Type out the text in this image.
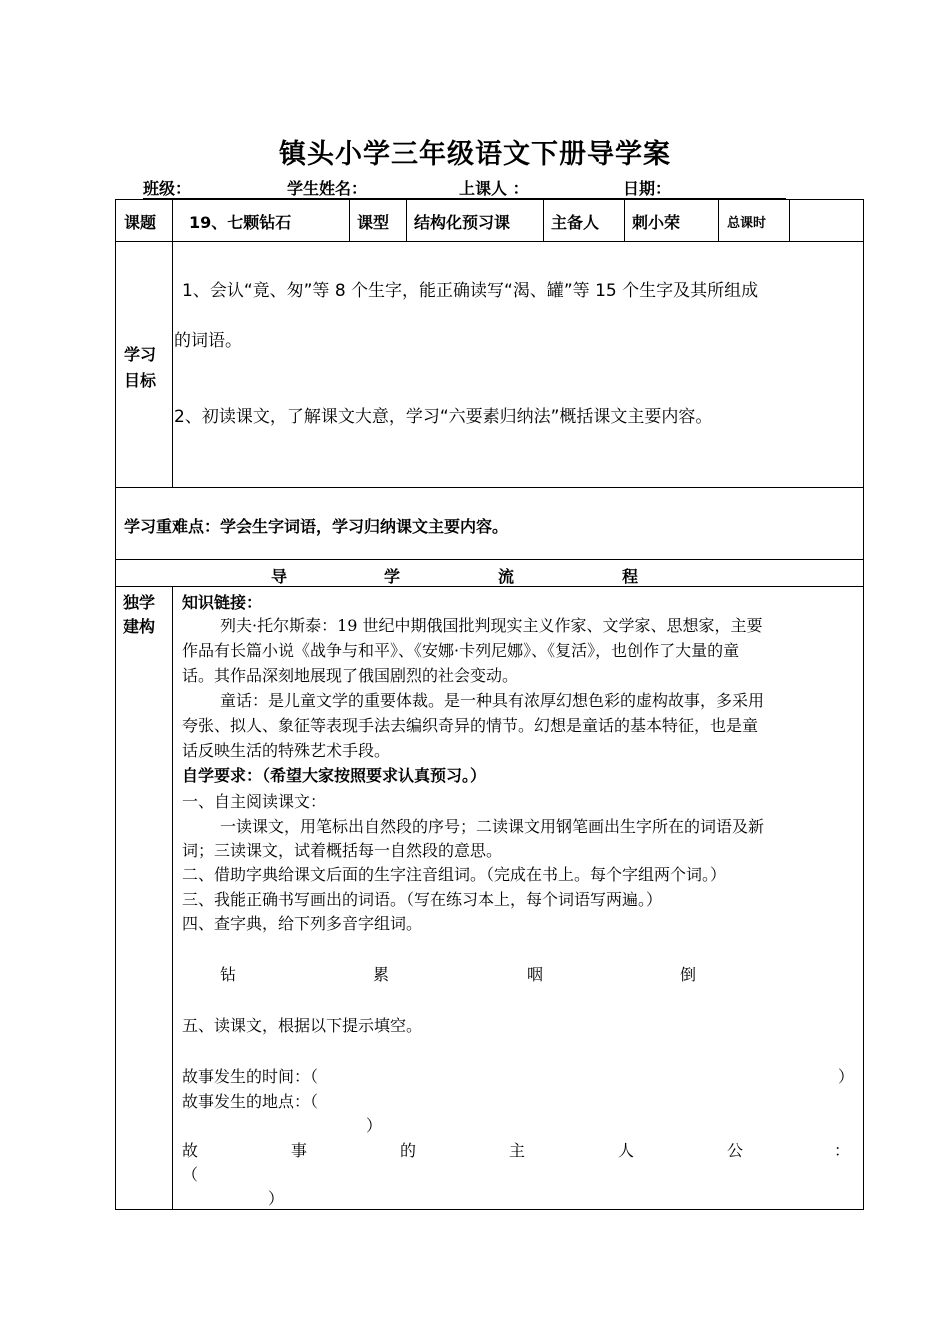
镇头小学三年级语文下册导学案
班级：	学生姓名：	上课人 ：	日期：
课题 19、七颗钻石	课型 结构化预习课	主备人 刺小荣	总课时
学习
目标
1、会认“竟、匆”等 8 个生字，能正确读写“渴、罐”等 15 个生字及其所组成
的词语。
2、初读课文，了解课文大意，学习“六要素归纳法”概括课文主要内容。
学习重难点：学会生字词语，学习归纳课文主要内容。
导	学	流	程
独学
建构
知识链接：
列夫·托尔斯泰：19 世纪中期俄国批判现实主义作家、文学家、思想家，主要
作品有长篇小说《战争与和平》、《安娜·卡列尼娜》、《复活》，也创作了大量的童
话。其作品深刻地展现了俄国剧烈的社会变动。
童话：是儿童文学的重要体裁。是一种具有浓厚幻想色彩的虚构故事，多采用
夸张、拟人、象征等表现手法去编织奇异的情节。幻想是童话的基本特征，也是童
话反映生活的特殊艺术手段。
自学要求：（希望大家按照要求认真预习。）
一、自主阅读课文：
一读课文，用笔标出自然段的序号；二读课文用钢笔画出生字所在的词语及新
词；三读课文，试着概括每一自然段的意思。
二、借助字典给课文后面的生字注音组词。（完成在书上。每个字组两个词。）
三、我能正确书写画出的词语。（写在练习本上，每个词语写两遍。）
四、查字典，给下列多音字组词。
钻	累	咽	倒
五、读课文，根据以下提示填空。
故事发生的时间：（	）
故事发生的地点：（
）
故	事	的	主	人	公	：
（
）
